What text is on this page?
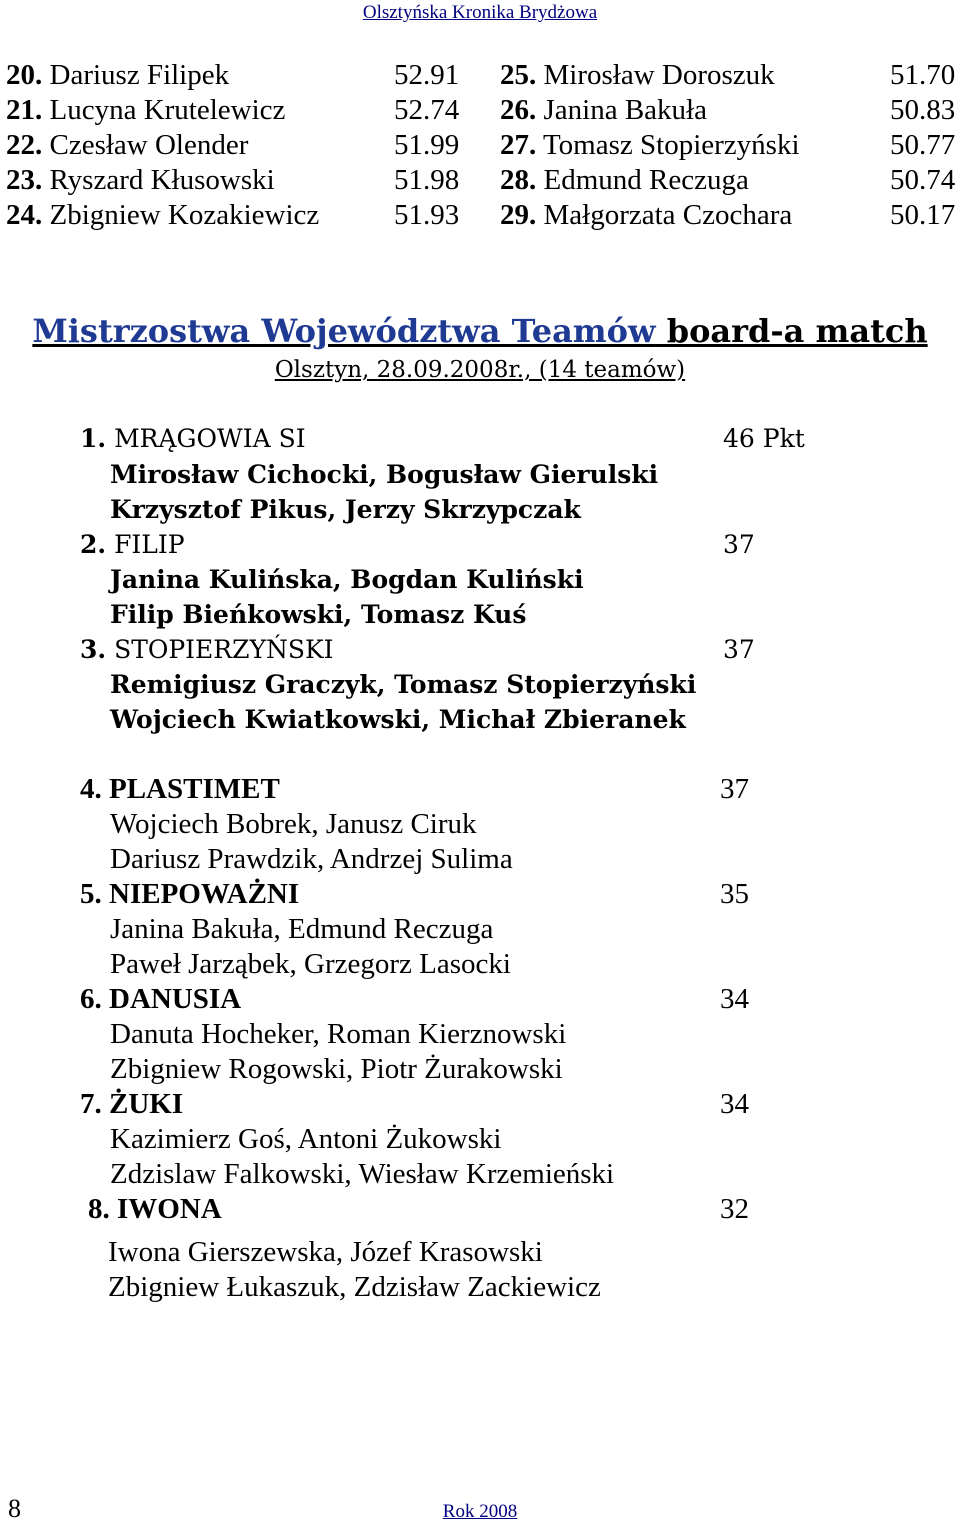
Olsztyńska Kronika Brydżowa
20. Dariusz Filipek	52.91
21. Lucyna Krutelewicz	52.74
22. Czesław Olender	51.99
23. Ryszard Kłusowski	51.98
24. Zbigniew Kozakiewicz	51.93
25. Mirosław Doroszuk	51.70
26. Janina Bakuła	50.83
27. Tomasz Stopierzyński	50.77
28. Edmund Reczuga	50.74
29. Małgorzata Czochara	50.17
Mistrzostwa Województwa Teamów board-a match
Olsztyn, 28.09.2008r., (14 teamów)
1. MRĄGOWIA SI	46 Pkt
Mirosław Cichocki, Bogusław Gierulski
Krzysztof Pikus, Jerzy Skrzypczak
2. FILIP	37
Janina Kulińska, Bogdan Kuliński
Filip Bieńkowski, Tomasz Kuś
3. STOPIERZYŃSKI	37
Remigiusz Graczyk, Tomasz Stopierzyński
Wojciech Kwiatkowski, Michał Zbieranek
4. PLASTIMET	37
Wojciech Bobrek, Janusz Ciruk
Dariusz Prawdzik, Andrzej Sulima
5. NIEPOWAŻNI	35
Janina Bakuła, Edmund Reczuga
Paweł Jarząbek, Grzegorz Lasocki
6. DANUSIA	34
Danuta Hocheker, Roman Kierznowski
Zbigniew Rogowski, Piotr Żurakowski
7. ŻUKI	34
Kazimierz Goś, Antoni Żukowski
Zdzislaw Falkowski, Wiesław Krzemieński
8. IWONA	32
Iwona Gierszewska, Józef Krasowski
Zbigniew Łukaszuk, Zdzisław Zackiewicz
8	Rok 2008
